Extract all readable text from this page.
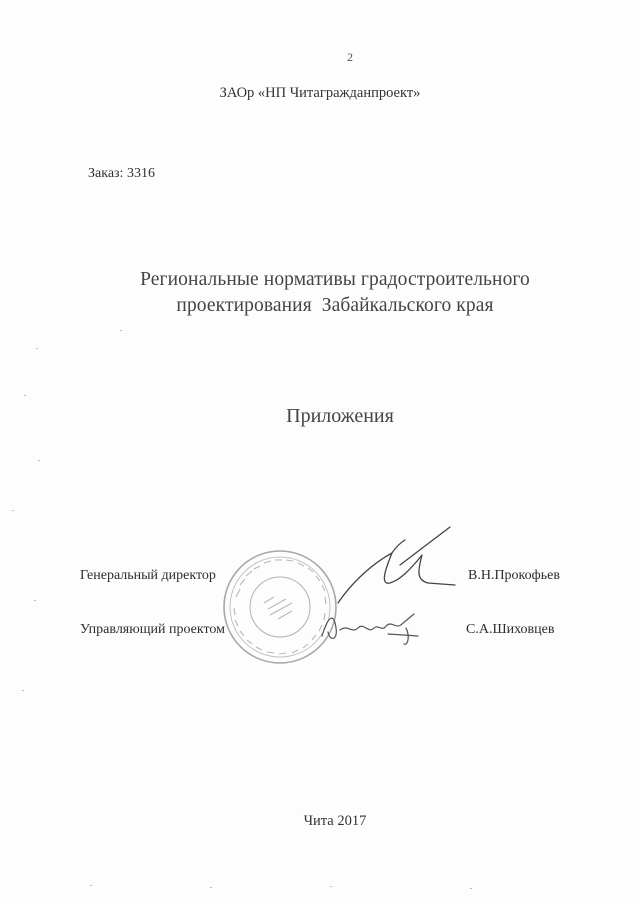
2
ЗАОр «НП Читагражданпроект»
Заказ: 3316
Региональные нормативы градостроительного
проектирования  Забайкальского края
Приложения
Генеральный директор	В.Н.Прокофьев
Управляющий проектом	С.А.Шиховцев
Чита 2017
